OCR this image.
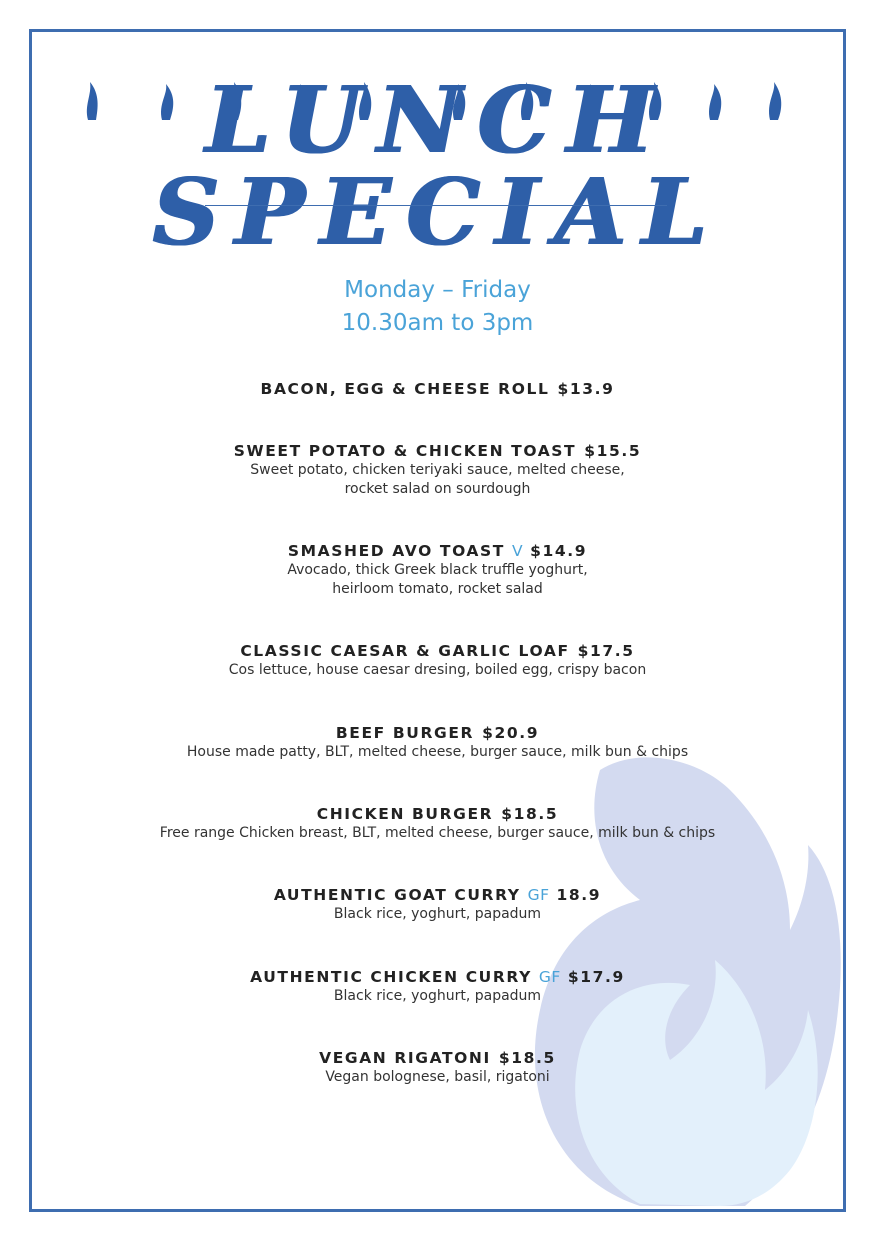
LUNCH SPECIAL
Monday – Friday
10.30am to 3pm
BACON, EGG & CHEESE ROLL $13.9
SWEET POTATO & CHICKEN TOAST $15.5
Sweet potato, chicken teriyaki sauce, melted cheese,
rocket salad on sourdough
SMASHED AVO TOAST V $14.9
Avocado, thick Greek black truffle yoghurt,
heirloom tomato, rocket salad
CLASSIC CAESAR & GARLIC LOAF $17.5
Cos lettuce, house caesar dresing, boiled egg, crispy bacon
BEEF BURGER $20.9
House made patty, BLT, melted cheese, burger sauce, milk bun & chips
CHICKEN BURGER $18.5
Free range Chicken breast, BLT, melted cheese, burger sauce, milk bun & chips
AUTHENTIC GOAT CURRY GF 18.9
Black rice, yoghurt, papadum
AUTHENTIC CHICKEN CURRY GF $17.9
Black rice, yoghurt, papadum
VEGAN RIGATONI $18.5
Vegan bolognese, basil, rigatoni
